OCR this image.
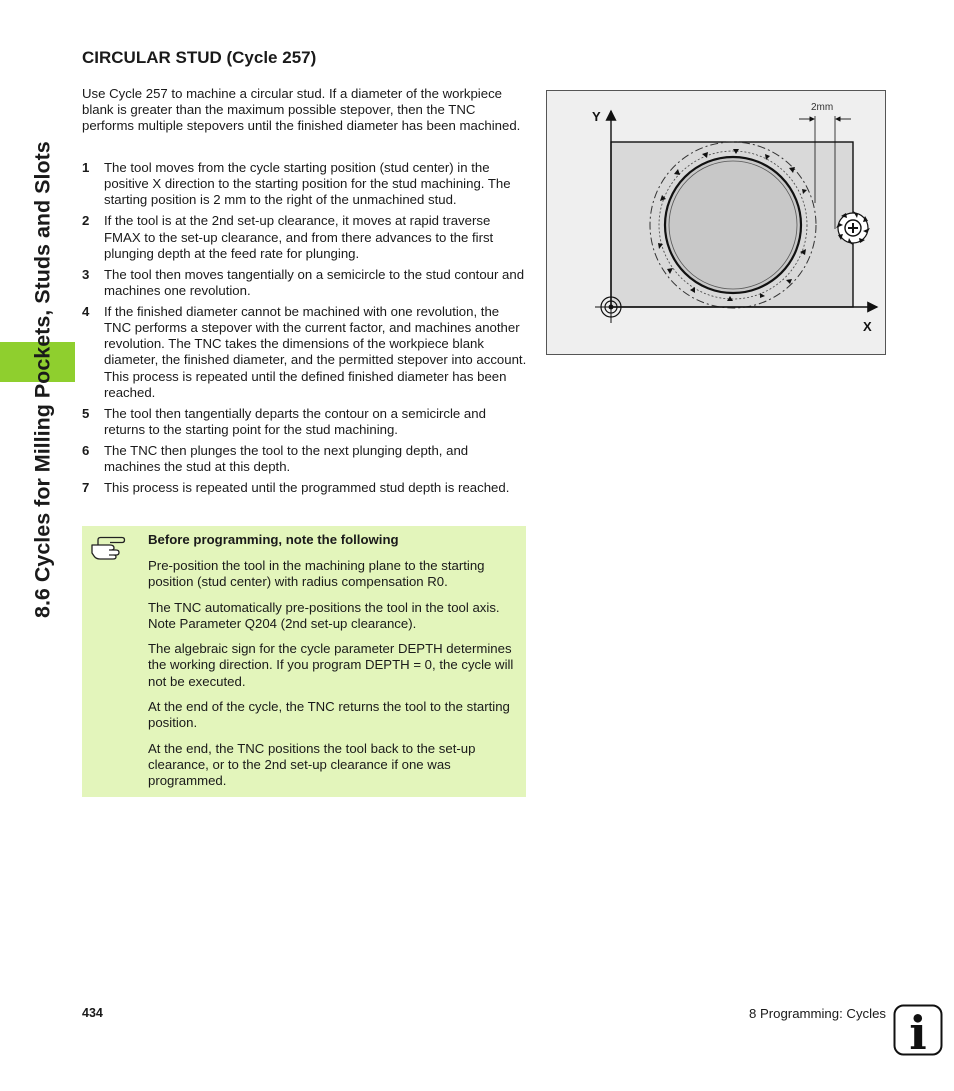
8.6 Cycles for Milling Pockets, Studs and Slots
CIRCULAR STUD (Cycle 257)

Use Cycle 257 to machine a circular stud. If a diameter of the workpiece blank is greater than the maximum possible stepover, then the TNC performs multiple stepovers until the finished diameter has been machined.

1	The tool moves from the cycle starting position (stud center) in the positive X direction to the starting position for the stud machining. The starting position is 2 mm to the right of the unmachined stud.
2	If the tool is at the 2nd set-up clearance, it moves at rapid traverse FMAX to the set-up clearance, and from there advances to the first plunging depth at the feed rate for plunging.
3	The tool then moves tangentially on a semicircle to the stud contour and machines one revolution.
4	If the finished diameter cannot be machined with one revolution, the TNC performs a stepover with the current factor, and machines another revolution. The TNC takes the dimensions of the workpiece blank diameter, the finished diameter, and the permitted stepover into account. This process is repeated until the defined finished diameter has been reached.
5	The tool then tangentially departs the contour on a semicircle and returns to the starting point for the stud machining.
6	The TNC then plunges the tool to the next plunging depth, and machines the stud at this depth.
7	This process is repeated until the programmed stud depth is reached.

Before programming, note the following

Pre-position the tool in the machining plane to the starting position (stud center) with radius compensation R0.

The TNC automatically pre-positions the tool in the tool axis. Note Parameter Q204 (2nd set-up clearance).

The algebraic sign for the cycle parameter DEPTH determines the working direction. If you program DEPTH = 0, the cycle will not be executed.

At the end of the cycle, the TNC returns the tool to the starting position.

At the end, the TNC positions the tool back to the set-up clearance, or to the 2nd set-up clearance if one was programmed.

Y
X
2mm

434	8 Programming: Cycles i
